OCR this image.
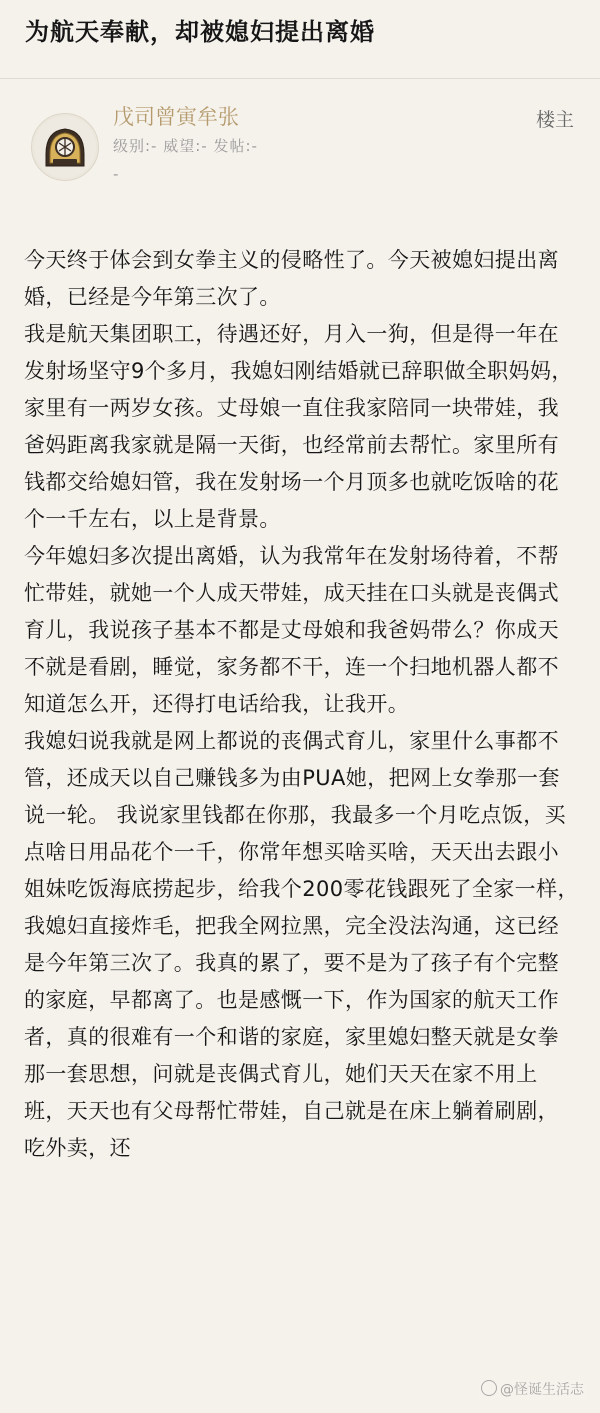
为航天奉献，却被媳妇提出离婚
戊司曾寅牟张
级别:- 威望:- 发帖:-
-
楼主

今天终于体会到女拳主义的侵略性了。今天被媳妇提出离婚，已经是今年第三次了。

我是航天集团职工，待遇还好，月入一狗，但是得一年在发射场坚守9个多月，我媳妇刚结婚就已辞职做全职妈妈，家里有一两岁女孩。丈母娘一直住我家陪同一块带娃，我爸妈距离我家就是隔一天街，也经常前去帮忙。家里所有钱都交给媳妇管，我在发射场一个月顶多也就吃饭啥的花个一千左右，以上是背景。

今年媳妇多次提出离婚，认为我常年在发射场待着，不帮忙带娃，就她一个人成天带娃，成天挂在口头就是丧偶式育儿，我说孩子基本不都是丈母娘和我爸妈带么？你成天不就是看剧，睡觉，家务都不干，连一个扫地机器人都不知道怎么开，还得打电话给我，让我开。

我媳妇说我就是网上都说的丧偶式育儿，家里什么事都不管，还成天以自己赚钱多为由PUA她，把网上女拳那一套说一轮。 我说家里钱都在你那，我最多一个月吃点饭，买点啥日用品花个一千，你常年想买啥买啥，天天出去跟小姐妹吃饭海底捞起步，给我个200零花钱跟死了全家一样，

我媳妇直接炸毛，把我全网拉黑，完全没法沟通，这已经是今年第三次了。我真的累了，要不是为了孩子有个完整的家庭，早都离了。也是感慨一下，作为国家的航天工作者，真的很难有一个和谐的家庭，家里媳妇整天就是女拳那一套思想，问就是丧偶式育儿，她们天天在家不用上班，天天也有父母帮忙带娃，自己就是在床上躺着刷剧，吃外卖，还

@怪诞生活志
